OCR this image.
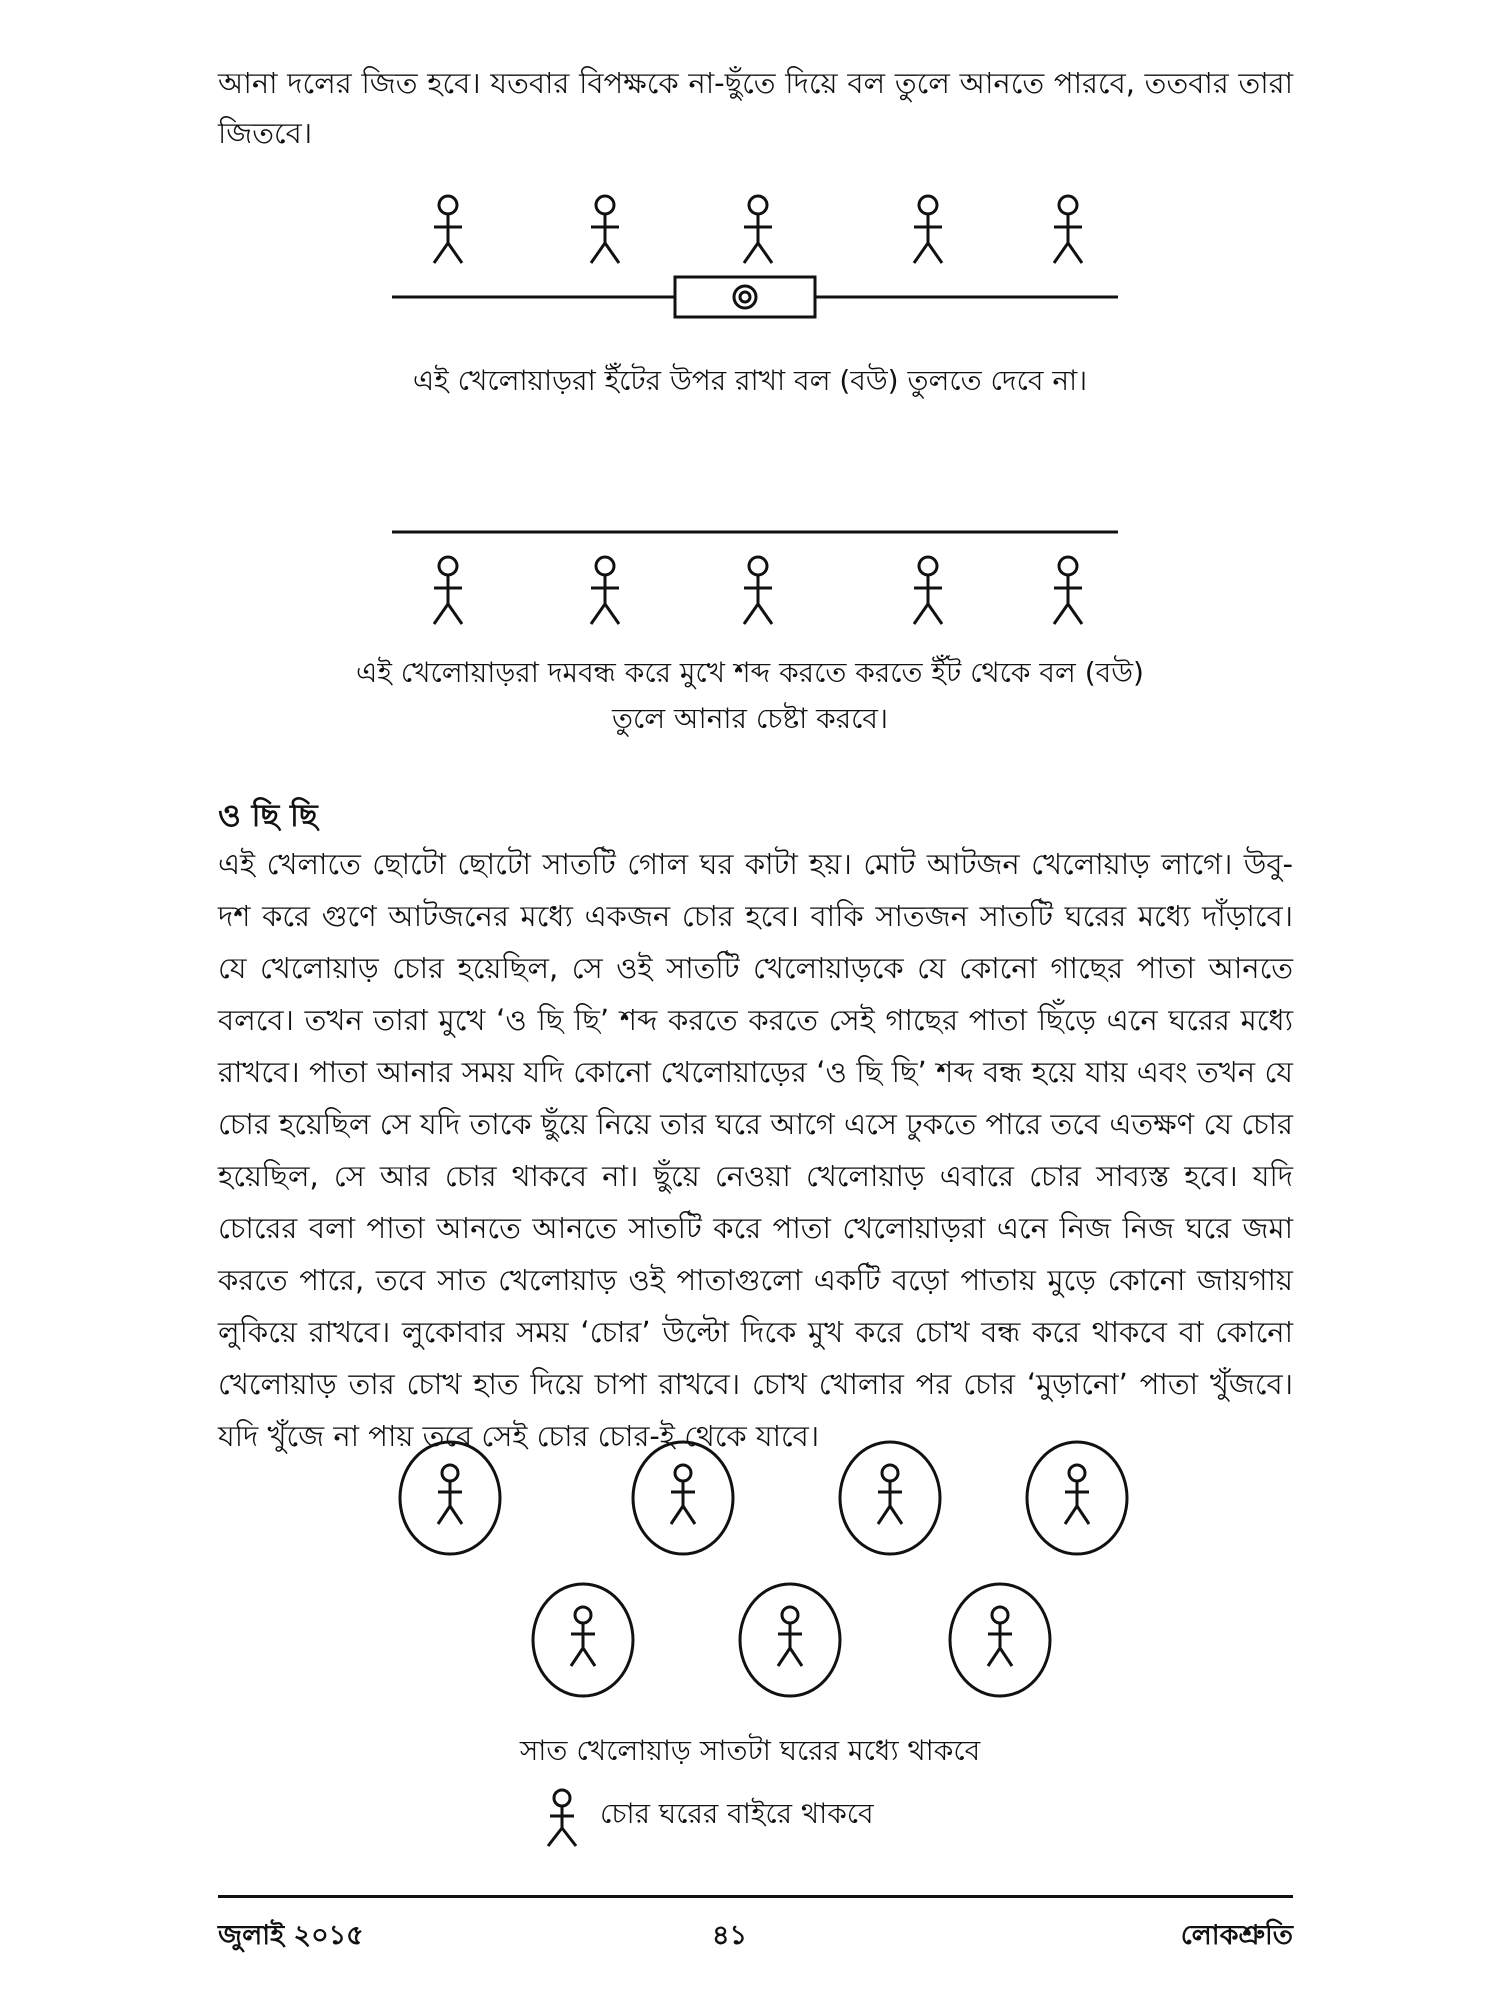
আনা দলের জিত হবে। যতবার বিপক্ষকে না-ছুঁতে দিয়ে বল তুলে আনতে পারবে, ততবার তারা জিতবে।

এই খেলোয়াড়রা ইঁটের উপর রাখা বল (বউ) তুলতে দেবে না।

এই খেলোয়াড়রা দমবন্ধ করে মুখে শব্দ করতে করতে ইঁট থেকে বল (বউ)

তুলে আনার চেষ্টা করবে।

ও ছি ছি

এই খেলাতে ছোটো ছোটো সাতটি গোল ঘর কাটা হয়। মোট আটজন খেলোয়াড় লাগে। উবু-দশ করে গুণে আটজনের মধ্যে একজন চোর হবে। বাকি সাতজন সাতটি ঘরের মধ্যে দাঁড়াবে। যে খেলোয়াড় চোর হয়েছিল, সে ওই সাতটি খেলোয়াড়কে যে কোনো গাছের পাতা আনতে বলবে। তখন তারা মুখে ‘ও ছি ছি’ শব্দ করতে করতে সেই গাছের পাতা ছিঁড়ে এনে ঘরের মধ্যে রাখবে। পাতা আনার সময় যদি কোনো খেলোয়াড়ের ‘ও ছি ছি’ শব্দ বন্ধ হয়ে যায় এবং তখন যে চোর হয়েছিল সে যদি তাকে ছুঁয়ে নিয়ে তার ঘরে আগে এসে ঢুকতে পারে তবে এতক্ষণ যে চোর হয়েছিল, সে আর চোর থাকবে না। ছুঁয়ে নেওয়া খেলোয়াড় এবারে চোর সাব্যস্ত হবে। যদি চোরের বলা পাতা আনতে আনতে সাতটি করে পাতা খেলোয়াড়রা এনে নিজ নিজ ঘরে জমা করতে পারে, তবে সাত খেলোয়াড় ওই পাতাগুলো একটি বড়ো পাতায় মুড়ে কোনো জায়গায় লুকিয়ে রাখবে। লুকোবার সময় ‘চোর’ উল্টো দিকে মুখ করে চোখ বন্ধ করে থাকবে বা কোনো খেলোয়াড় তার চোখ হাত দিয়ে চাপা রাখবে। চোখ খোলার পর চোর ‘মুড়ানো’ পাতা খুঁজবে। যদি খুঁজে না পায় তবে সেই চোর চোর-ই থেকে যাবে।

সাত খেলোয়াড় সাতটা ঘরের মধ্যে থাকবে

চোর ঘরের বাইরে থাকবে
জুলাই ২০১৫	৪১	লোকশ্রুতি
